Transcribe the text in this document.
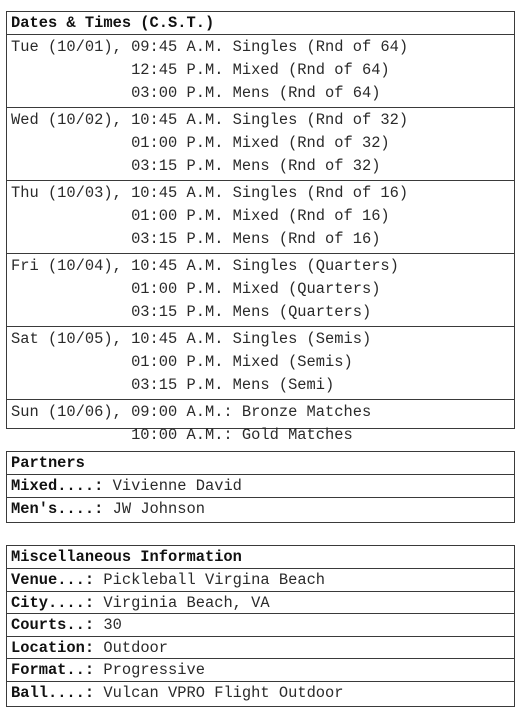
Dates & Times (C.S.T.)
Tue (10/01), 09:45 A.M. Singles (Rnd of 64)
12:45 P.M. Mixed (Rnd of 64)
03:00 P.M. Mens (Rnd of 64)
Wed (10/02), 10:45 A.M. Singles (Rnd of 32)
01:00 P.M. Mixed (Rnd of 32)
03:15 P.M. Mens (Rnd of 32)
Thu (10/03), 10:45 A.M. Singles (Rnd of 16)
01:00 P.M. Mixed (Rnd of 16)
03:15 P.M. Mens (Rnd of 16)
Fri (10/04), 10:45 A.M. Singles (Quarters)
01:00 P.M. Mixed (Quarters)
03:15 P.M. Mens (Quarters)
Sat (10/05), 10:45 A.M. Singles (Semis)
01:00 P.M. Mixed (Semis)
03:15 P.M. Mens (Semi)
Sun (10/06), 09:00 A.M.: Bronze Matches
10:00 A.M.: Gold Matches
Partners
Mixed....: Vivienne David
Men's....: JW Johnson
Miscellaneous Information
Venue...: Pickleball Virgina Beach
City....: Virginia Beach, VA
Courts..: 30
Location: Outdoor
Format..: Progressive
Ball....: Vulcan VPRO Flight Outdoor
